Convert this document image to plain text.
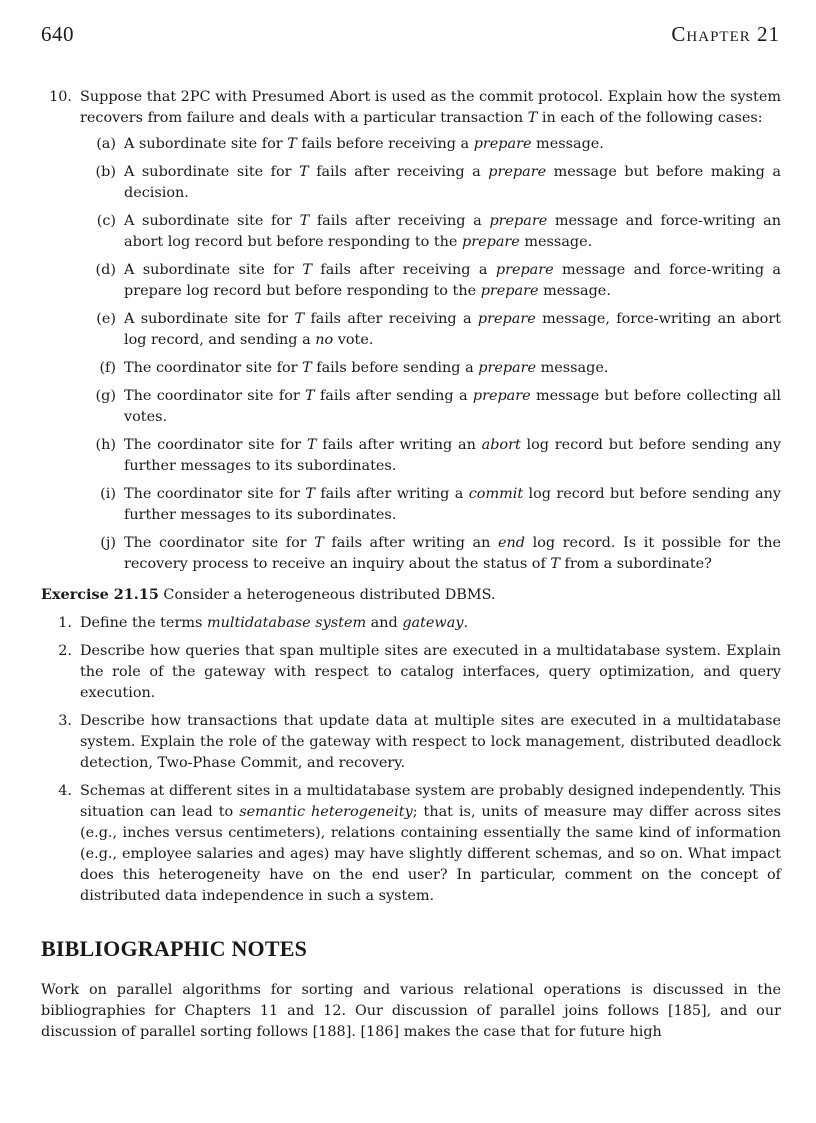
640	Chapter 21
10. Suppose that 2PC with Presumed Abort is used as the commit protocol. Explain how the system recovers from failure and deals with a particular transaction T in each of the following cases:
(a) A subordinate site for T fails before receiving a prepare message.
(b) A subordinate site for T fails after receiving a prepare message but before making a decision.
(c) A subordinate site for T fails after receiving a prepare message and force-writing an abort log record but before responding to the prepare message.
(d) A subordinate site for T fails after receiving a prepare message and force-writing a prepare log record but before responding to the prepare message.
(e) A subordinate site for T fails after receiving a prepare message, force-writing an abort log record, and sending a no vote.
(f) The coordinator site for T fails before sending a prepare message.
(g) The coordinator site for T fails after sending a prepare message but before collecting all votes.
(h) The coordinator site for T fails after writing an abort log record but before sending any further messages to its subordinates.
(i) The coordinator site for T fails after writing a commit log record but before sending any further messages to its subordinates.
(j) The coordinator site for T fails after writing an end log record. Is it possible for the recovery process to receive an inquiry about the status of T from a subordinate?
Exercise 21.15 Consider a heterogeneous distributed DBMS.
1. Define the terms multidatabase system and gateway.
2. Describe how queries that span multiple sites are executed in a multidatabase system. Explain the role of the gateway with respect to catalog interfaces, query optimization, and query execution.
3. Describe how transactions that update data at multiple sites are executed in a multidatabase system. Explain the role of the gateway with respect to lock management, distributed deadlock detection, Two-Phase Commit, and recovery.
4. Schemas at different sites in a multidatabase system are probably designed independently. This situation can lead to semantic heterogeneity; that is, units of measure may differ across sites (e.g., inches versus centimeters), relations containing essentially the same kind of information (e.g., employee salaries and ages) may have slightly different schemas, and so on. What impact does this heterogeneity have on the end user? In particular, comment on the concept of distributed data independence in such a system.
BIBLIOGRAPHIC NOTES
Work on parallel algorithms for sorting and various relational operations is discussed in the bibliographies for Chapters 11 and 12. Our discussion of parallel joins follows [185], and our discussion of parallel sorting follows [188]. [186] makes the case that for future high
